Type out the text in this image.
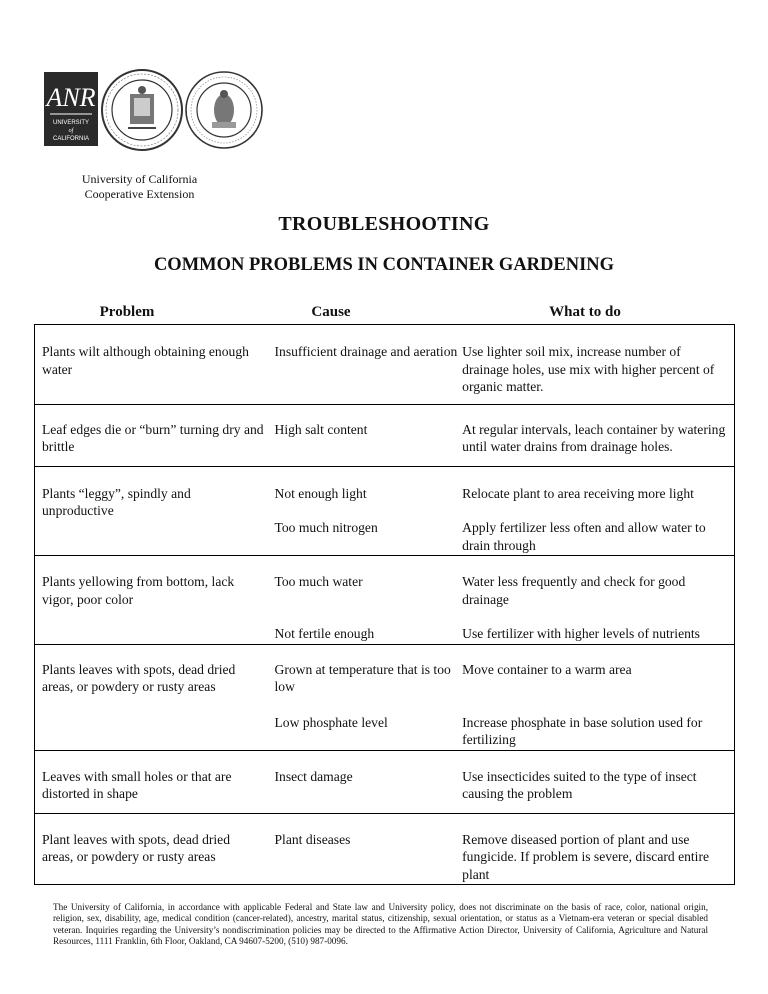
ANR
UNIVERSITY
of
CALIFORNIA
University of California
Cooperative Extension
TROUBLESHOOTING
COMMON PROBLEMS IN CONTAINER GARDENING
Problem	Cause	What to do
Plants wilt although obtaining enough water	Insufficient drainage and aeration	Use lighter soil mix, increase number of drainage holes, use mix with higher percent of organic matter.

Leaf edges die or “burn” turning dry and brittle	High salt content	At regular intervals, leach container by watering until water drains from drainage holes.

Plants “leggy”, spindly and unproductive	Not enough light	Relocate plant to area receiving more light

	Too much nitrogen	Apply fertilizer less often and allow water to drain through

Plants yellowing from bottom, lack vigor, poor color	Too much water	Water less frequently and check for good drainage

	Not fertile enough	Use fertilizer with higher levels of nutrients

Plants leaves with spots, dead dried areas, or powdery or rusty areas	Grown at temperature that is too low	Move container to a warm area

	Low phosphate level	Increase phosphate in base solution used for fertilizing

Leaves with small holes or that are distorted in shape	Insect damage	Use insecticides suited to the type of insect causing the problem

Plant leaves with spots, dead dried areas, or powdery or rusty areas	Plant diseases	Remove diseased portion of plant and use fungicide. If problem is severe, discard entire plant
The University of California, in accordance with applicable Federal and State law and University policy, does not discriminate on the basis of race, color, national origin, religion, sex, disability, age, medical condition (cancer-related), ancestry, marital status, citizenship, sexual orientation, or status as a Vietnam-era veteran or special disabled veteran. Inquiries regarding the University’s nondiscrimination policies may be directed to the Affirmative Action Director, University of California, Agriculture and Natural Resources, 1111 Franklin, 6th Floor, Oakland, CA 94607-5200, (510) 987-0096.
